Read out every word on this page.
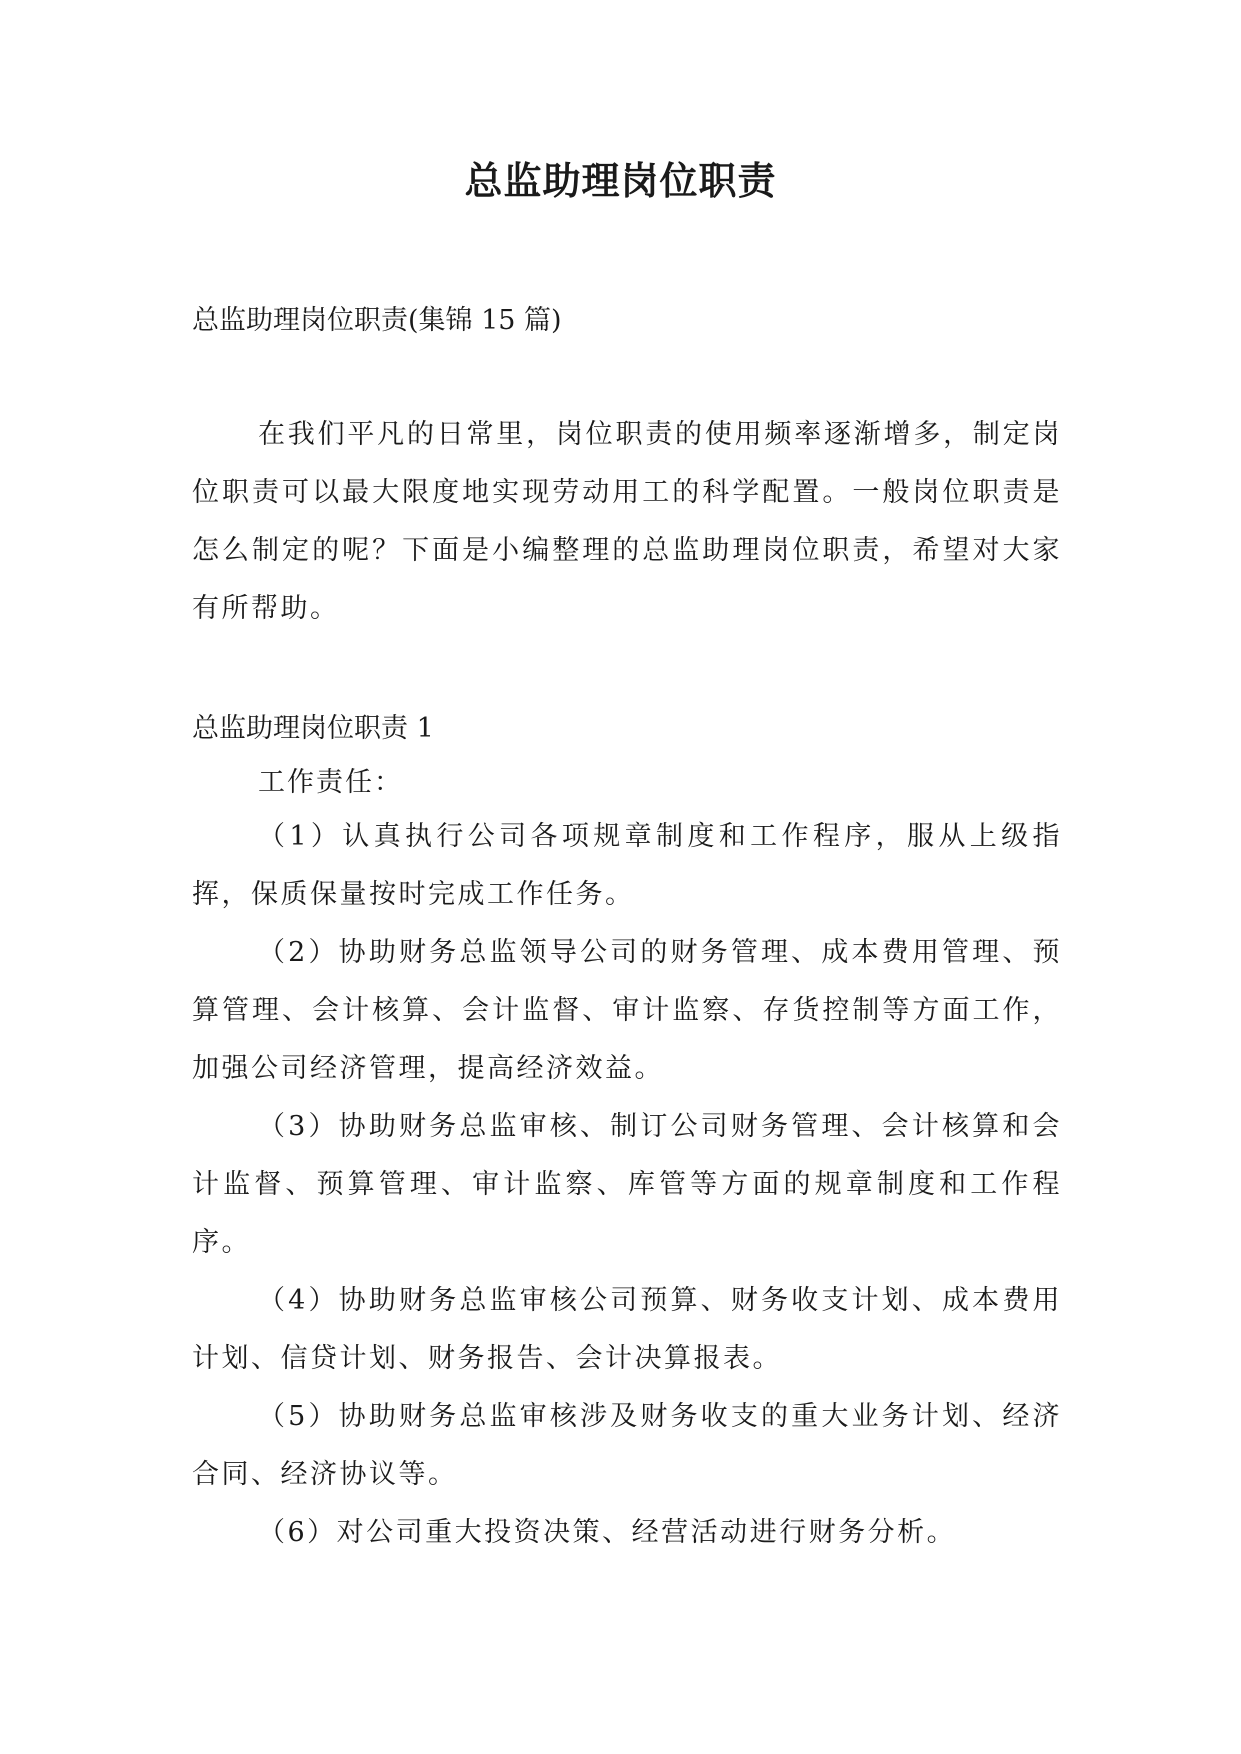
总监助理岗位职责

总监助理岗位职责(集锦 15 篇)

在我们平凡的日常里，岗位职责的使用频率逐渐增多，制定岗位职责可以最大限度地实现劳动用工的科学配置。一般岗位职责是怎么制定的呢？下面是小编整理的总监助理岗位职责，希望对大家有所帮助。

总监助理岗位职责 1

工作责任：

（1）认真执行公司各项规章制度和工作程序，服从上级指挥，保质保量按时完成工作任务。

（2）协助财务总监领导公司的财务管理、成本费用管理、预算管理、会计核算、会计监督、审计监察、存货控制等方面工作，加强公司经济管理，提高经济效益。

（3）协助财务总监审核、制订公司财务管理、会计核算和会计监督、预算管理、审计监察、库管等方面的规章制度和工作程序。

（4）协助财务总监审核公司预算、财务收支计划、成本费用计划、信贷计划、财务报告、会计决算报表。

（5）协助财务总监审核涉及财务收支的重大业务计划、经济合同、经济协议等。

（6）对公司重大投资决策、经营活动进行财务分析。
